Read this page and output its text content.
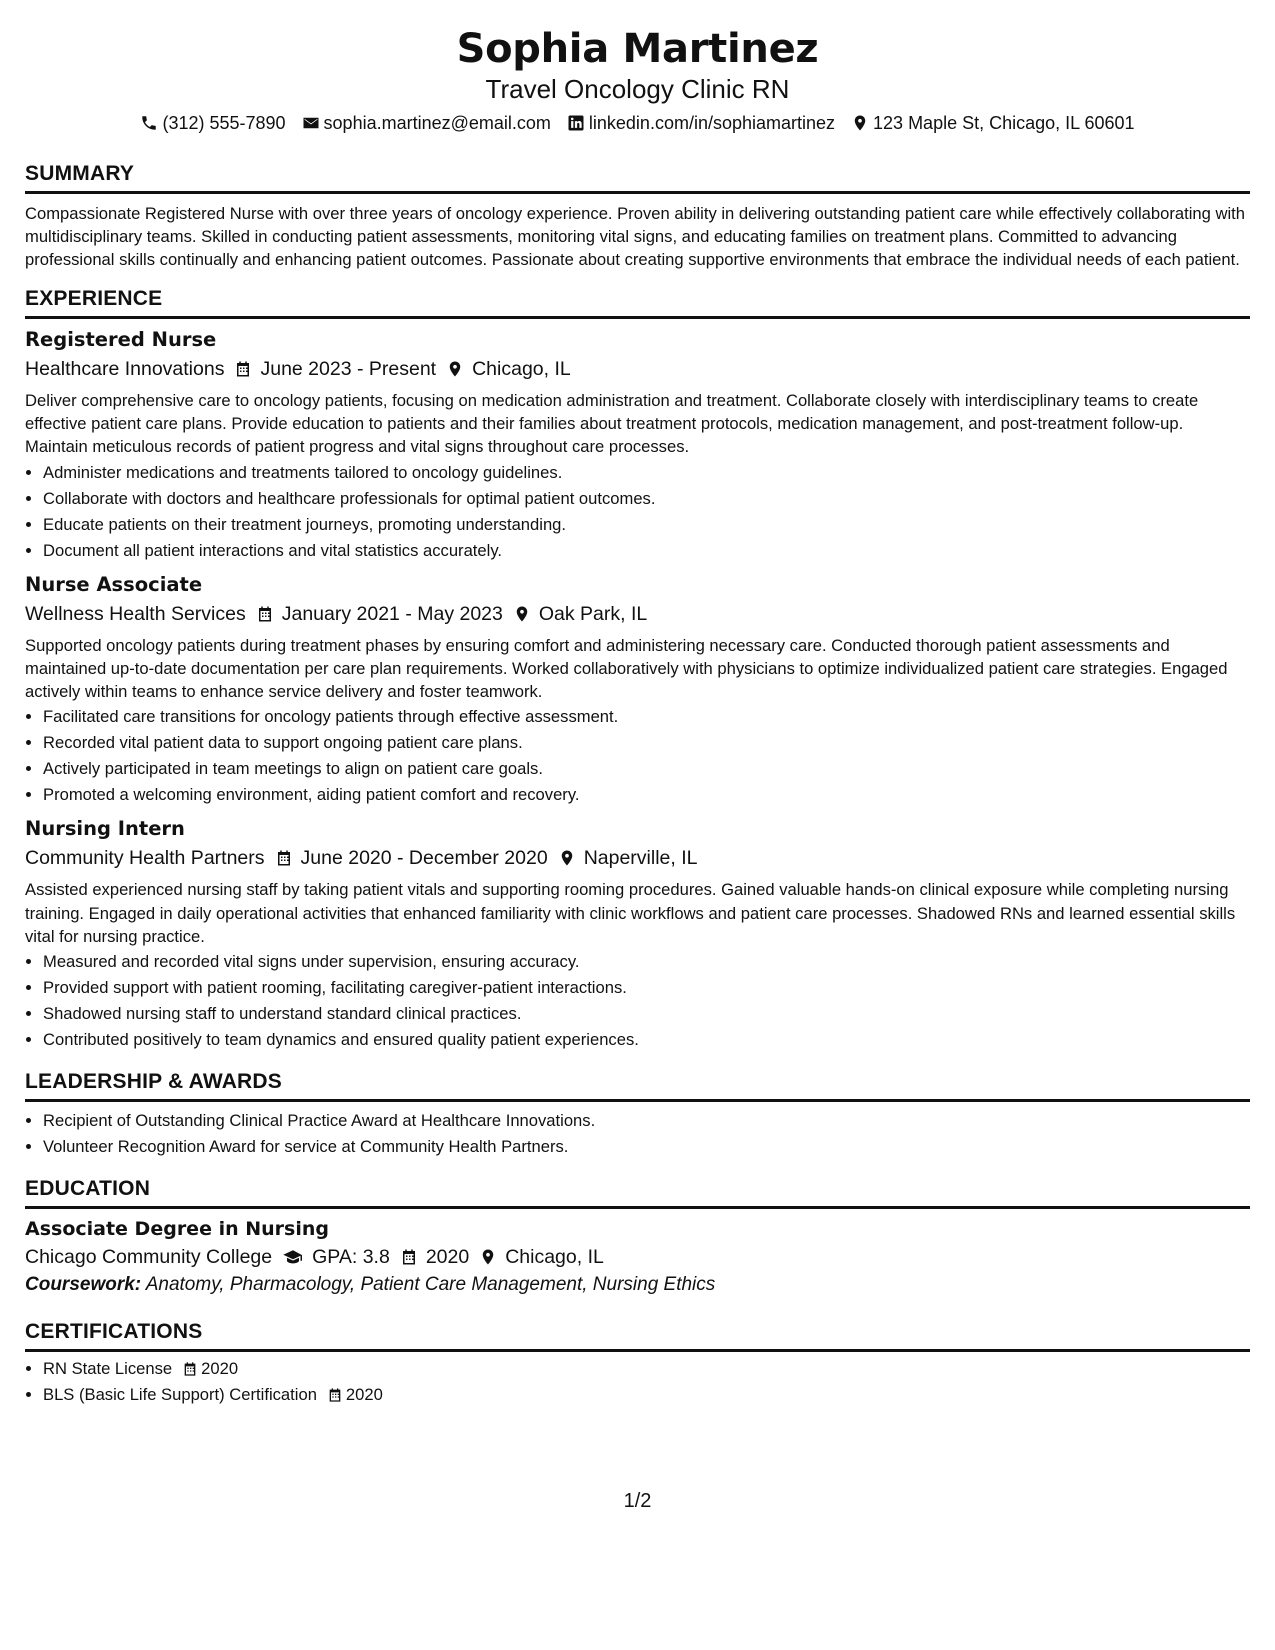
Sophia Martinez
Travel Oncology Clinic RN
(312) 555-7890 sophia.martinez@email.com linkedin.com/in/sophiamartinez 123 Maple St, Chicago, IL 60601
SUMMARY
Compassionate Registered Nurse with over three years of oncology experience. Proven ability in delivering outstanding patient care while effectively collaborating with multidisciplinary teams. Skilled in conducting patient assessments, monitoring vital signs, and educating families on treatment plans. Committed to advancing professional skills continually and enhancing patient outcomes. Passionate about creating supportive environments that embrace the individual needs of each patient.
EXPERIENCE
Registered Nurse
Healthcare Innovations June 2023 - Present Chicago, IL
Deliver comprehensive care to oncology patients, focusing on medication administration and treatment. Collaborate closely with interdisciplinary teams to create effective patient care plans. Provide education to patients and their families about treatment protocols, medication management, and post-treatment follow-up. Maintain meticulous records of patient progress and vital signs throughout care processes.
• Administer medications and treatments tailored to oncology guidelines.
• Collaborate with doctors and healthcare professionals for optimal patient outcomes.
• Educate patients on their treatment journeys, promoting understanding.
• Document all patient interactions and vital statistics accurately.
Nurse Associate
Wellness Health Services January 2021 - May 2023 Oak Park, IL
Supported oncology patients during treatment phases by ensuring comfort and administering necessary care. Conducted thorough patient assessments and maintained up-to-date documentation per care plan requirements. Worked collaboratively with physicians to optimize individualized patient care strategies. Engaged actively within teams to enhance service delivery and foster teamwork.
• Facilitated care transitions for oncology patients through effective assessment.
• Recorded vital patient data to support ongoing patient care plans.
• Actively participated in team meetings to align on patient care goals.
• Promoted a welcoming environment, aiding patient comfort and recovery.
Nursing Intern
Community Health Partners June 2020 - December 2020 Naperville, IL
Assisted experienced nursing staff by taking patient vitals and supporting rooming procedures. Gained valuable hands-on clinical exposure while completing nursing training. Engaged in daily operational activities that enhanced familiarity with clinic workflows and patient care processes. Shadowed RNs and learned essential skills vital for nursing practice.
• Measured and recorded vital signs under supervision, ensuring accuracy.
• Provided support with patient rooming, facilitating caregiver-patient interactions.
• Shadowed nursing staff to understand standard clinical practices.
• Contributed positively to team dynamics and ensured quality patient experiences.
LEADERSHIP & AWARDS
• Recipient of Outstanding Clinical Practice Award at Healthcare Innovations.
• Volunteer Recognition Award for service at Community Health Partners.
EDUCATION
Associate Degree in Nursing
Chicago Community College GPA: 3.8 2020 Chicago, IL
Coursework: Anatomy, Pharmacology, Patient Care Management, Nursing Ethics
CERTIFICATIONS
• RN State License 2020
• BLS (Basic Life Support) Certification 2020
1/2
